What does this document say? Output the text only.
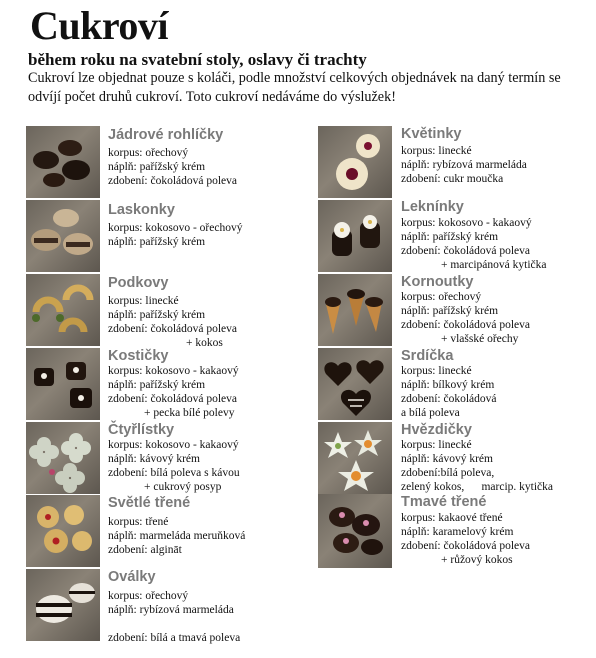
Cukroví
během roku na svatební stoly, oslavy či trachty
Cukroví lze objednat pouze s koláči, podle množství celkových objednávek na daný termín se odvíjí počet druhů cukroví. Toto cukroví nedáváme do výslužek!
Jádrové rohlíčky
korpus: ořechový
náplň: pařížský krém
zdobení: čokoládová poleva
Laskonky
korpus: kokosovo - ořechový
náplň: pařížský krém
Podkovy
korpus: linecké
náplň: pařížský krém
zdobení: čokoládová poleva
+ kokos
Kostičky
korpus: kokosovo - kakaový
náplň: pařížský krém
zdobení: čokoládová poleva
+ pecka bílé polevy
Čtyřlístky
korpus: kokosovo - kakaový
náplň: kávový krém
zdobení: bílá poleva s kávou
+ cukrový posyp
Světlé třené
korpus: třené
náplň: marmeláda meruňková
zdobení: algināt
Oválky
korpus: ořechový
náplň: rybízová marmeláda
zdobení: bílá a tmavá poleva
Květinky
korpus: linecké
náplň: rybízová marmeláda
zdobení: cukr moučka
Leknínky
korpus: kokosovo - kakaový
náplň: pařížský krém
zdobení: čokoládová poleva
+ marcipánová kytička
Kornoutky
korpus: ořechový
náplň: pařížský krém
zdobení: čokoládová poleva
+ vlašské ořechy
Srdíčka
korpus: linecké
náplň: bílkový krém
zdobení: čokoládová
a bílá poleva
Hvězdičky
korpus: linecké
náplň: kávový krém
zdobení:bílá poleva,
zelený kokos,      marcip. kytička
Tmavé třené
korpus: kakaové třené
náplň: karamelový krém
zdobení: čokoládová poleva
+ růžový kokos
